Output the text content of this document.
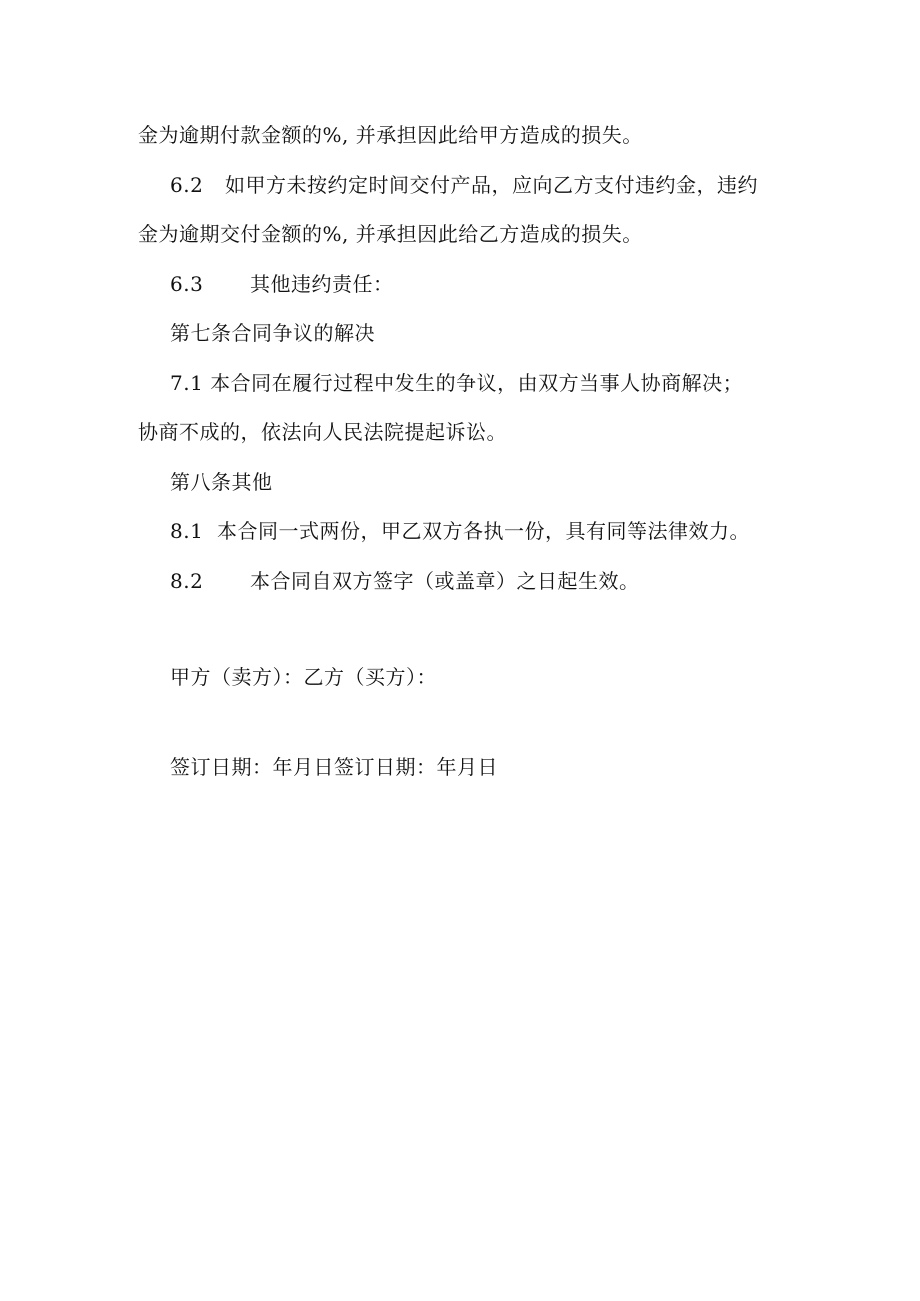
金为逾期付款金额的%, 并承担因此给甲方造成的损失。
6.2 如甲方未按约定时间交付产品，应向乙方支付违约金，违约
金为逾期交付金额的%, 并承担因此给乙方造成的损失。
6.3 其他违约责任：
第七条合同争议的解决
7.1 本合同在履行过程中发生的争议，由双方当事人协商解决；
协商不成的，依法向人民法院提起诉讼。
第八条其他
8.1 本合同一式两份，甲乙双方各执一份，具有同等法律效力。
8.2 本合同自双方签字（或盖章）之日起生效。
甲方（卖方）：乙方（买方）：
签订日期：年月日签订日期：年月日
